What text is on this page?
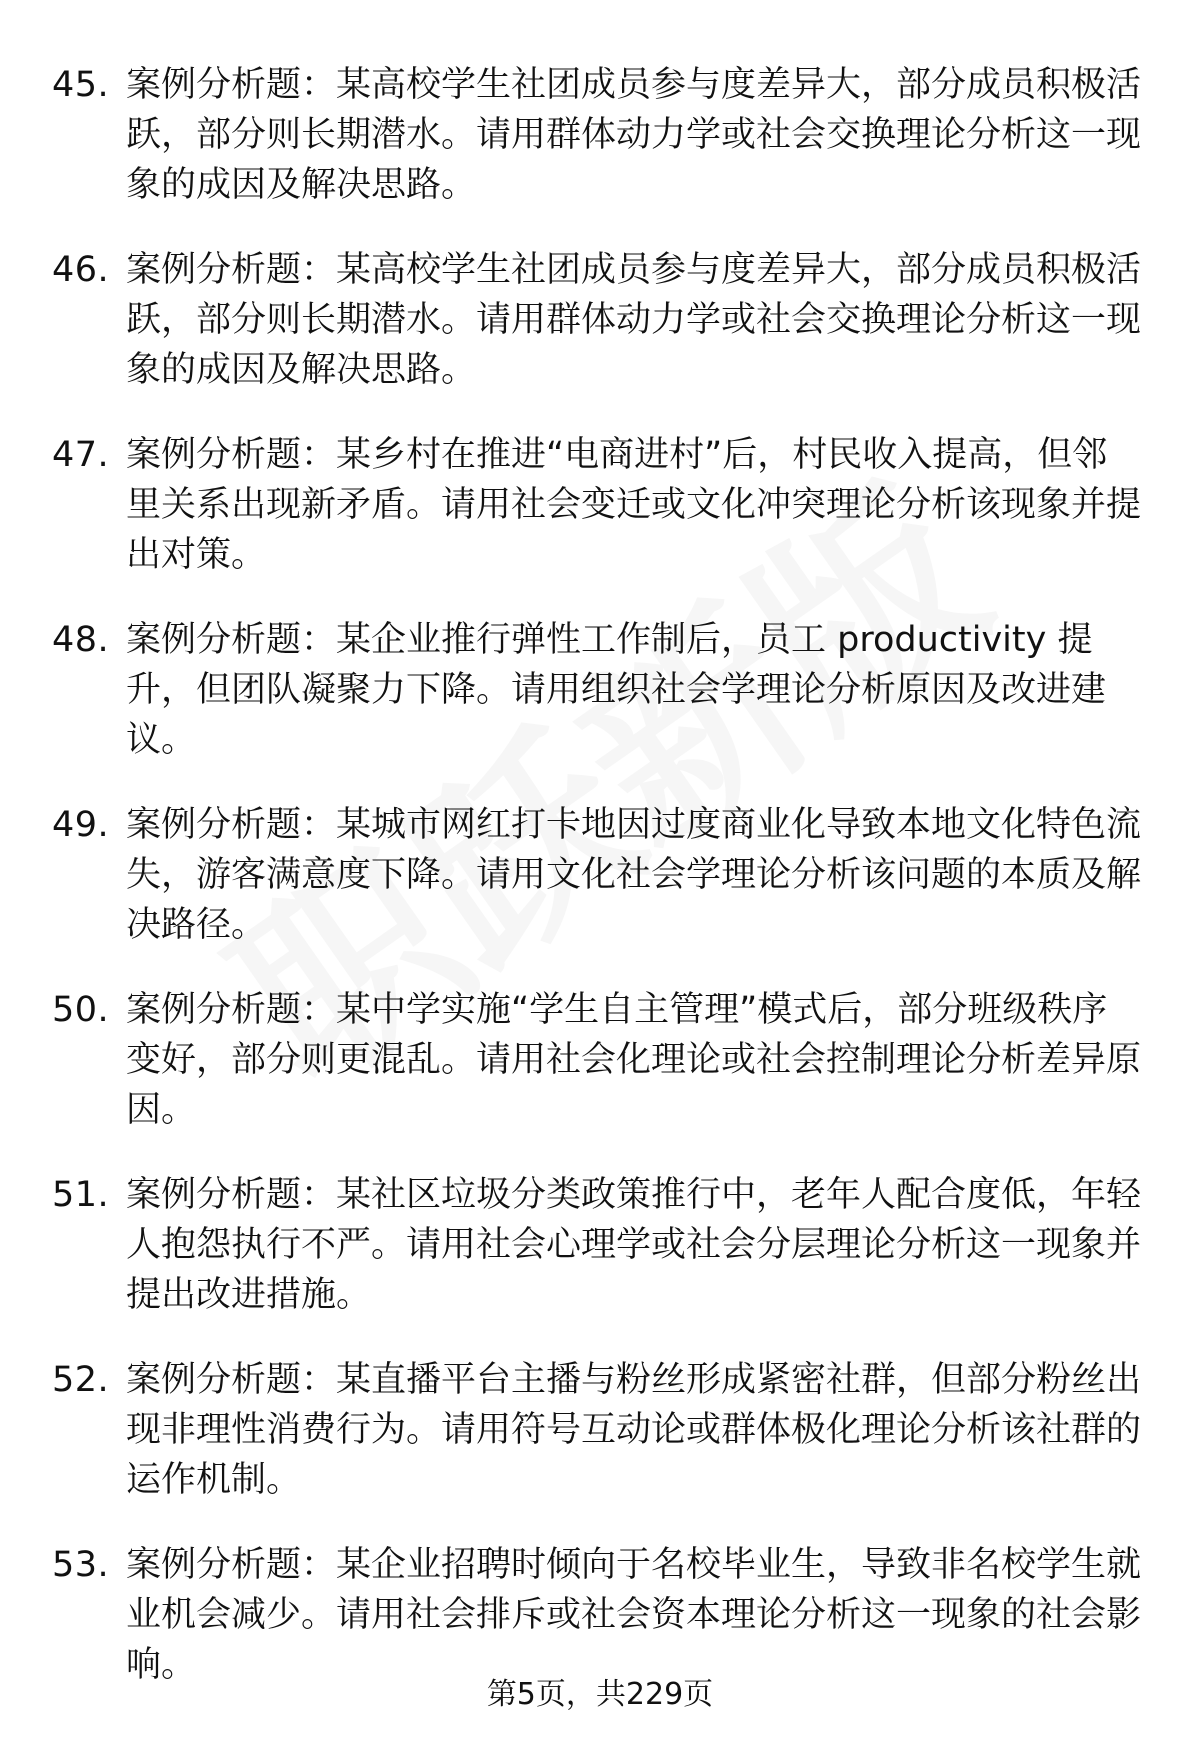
45. 案例分析题：某高校学生社团成员参与度差异大，部分成员积极活跃，部分则长期潜水。请用群体动力学或社会交换理论分析这一现象的成因及解决思路。
46. 案例分析题：某高校学生社团成员参与度差异大，部分成员积极活跃，部分则长期潜水。请用群体动力学或社会交换理论分析这一现象的成因及解决思路。
47. 案例分析题：某乡村在推进“电商进村”后，村民收入提高，但邻里关系出现新矛盾。请用社会变迁或文化冲突理论分析该现象并提出对策。
48. 案例分析题：某企业推行弹性工作制后，员工 productivity 提升，但团队凝聚力下降。请用组织社会学理论分析原因及改进建议。
49. 案例分析题：某城市网红打卡地因过度商业化导致本地文化特色流失，游客满意度下降。请用文化社会学理论分析该问题的本质及解决路径。
50. 案例分析题：某中学实施“学生自主管理”模式后，部分班级秩序变好，部分则更混乱。请用社会化理论或社会控制理论分析差异原因。
51. 案例分析题：某社区垃圾分类政策推行中，老年人配合度低，年轻人抱怨执行不严。请用社会心理学或社会分层理论分析这一现象并提出改进措施。
52. 案例分析题：某直播平台主播与粉丝形成紧密社群，但部分粉丝出现非理性消费行为。请用符号互动论或群体极化理论分析该社群的运作机制。
53. 案例分析题：某企业招聘时倾向于名校毕业生，导致非名校学生就业机会减少。请用社会排斥或社会资本理论分析这一现象的社会影响。
第5页，共229页
